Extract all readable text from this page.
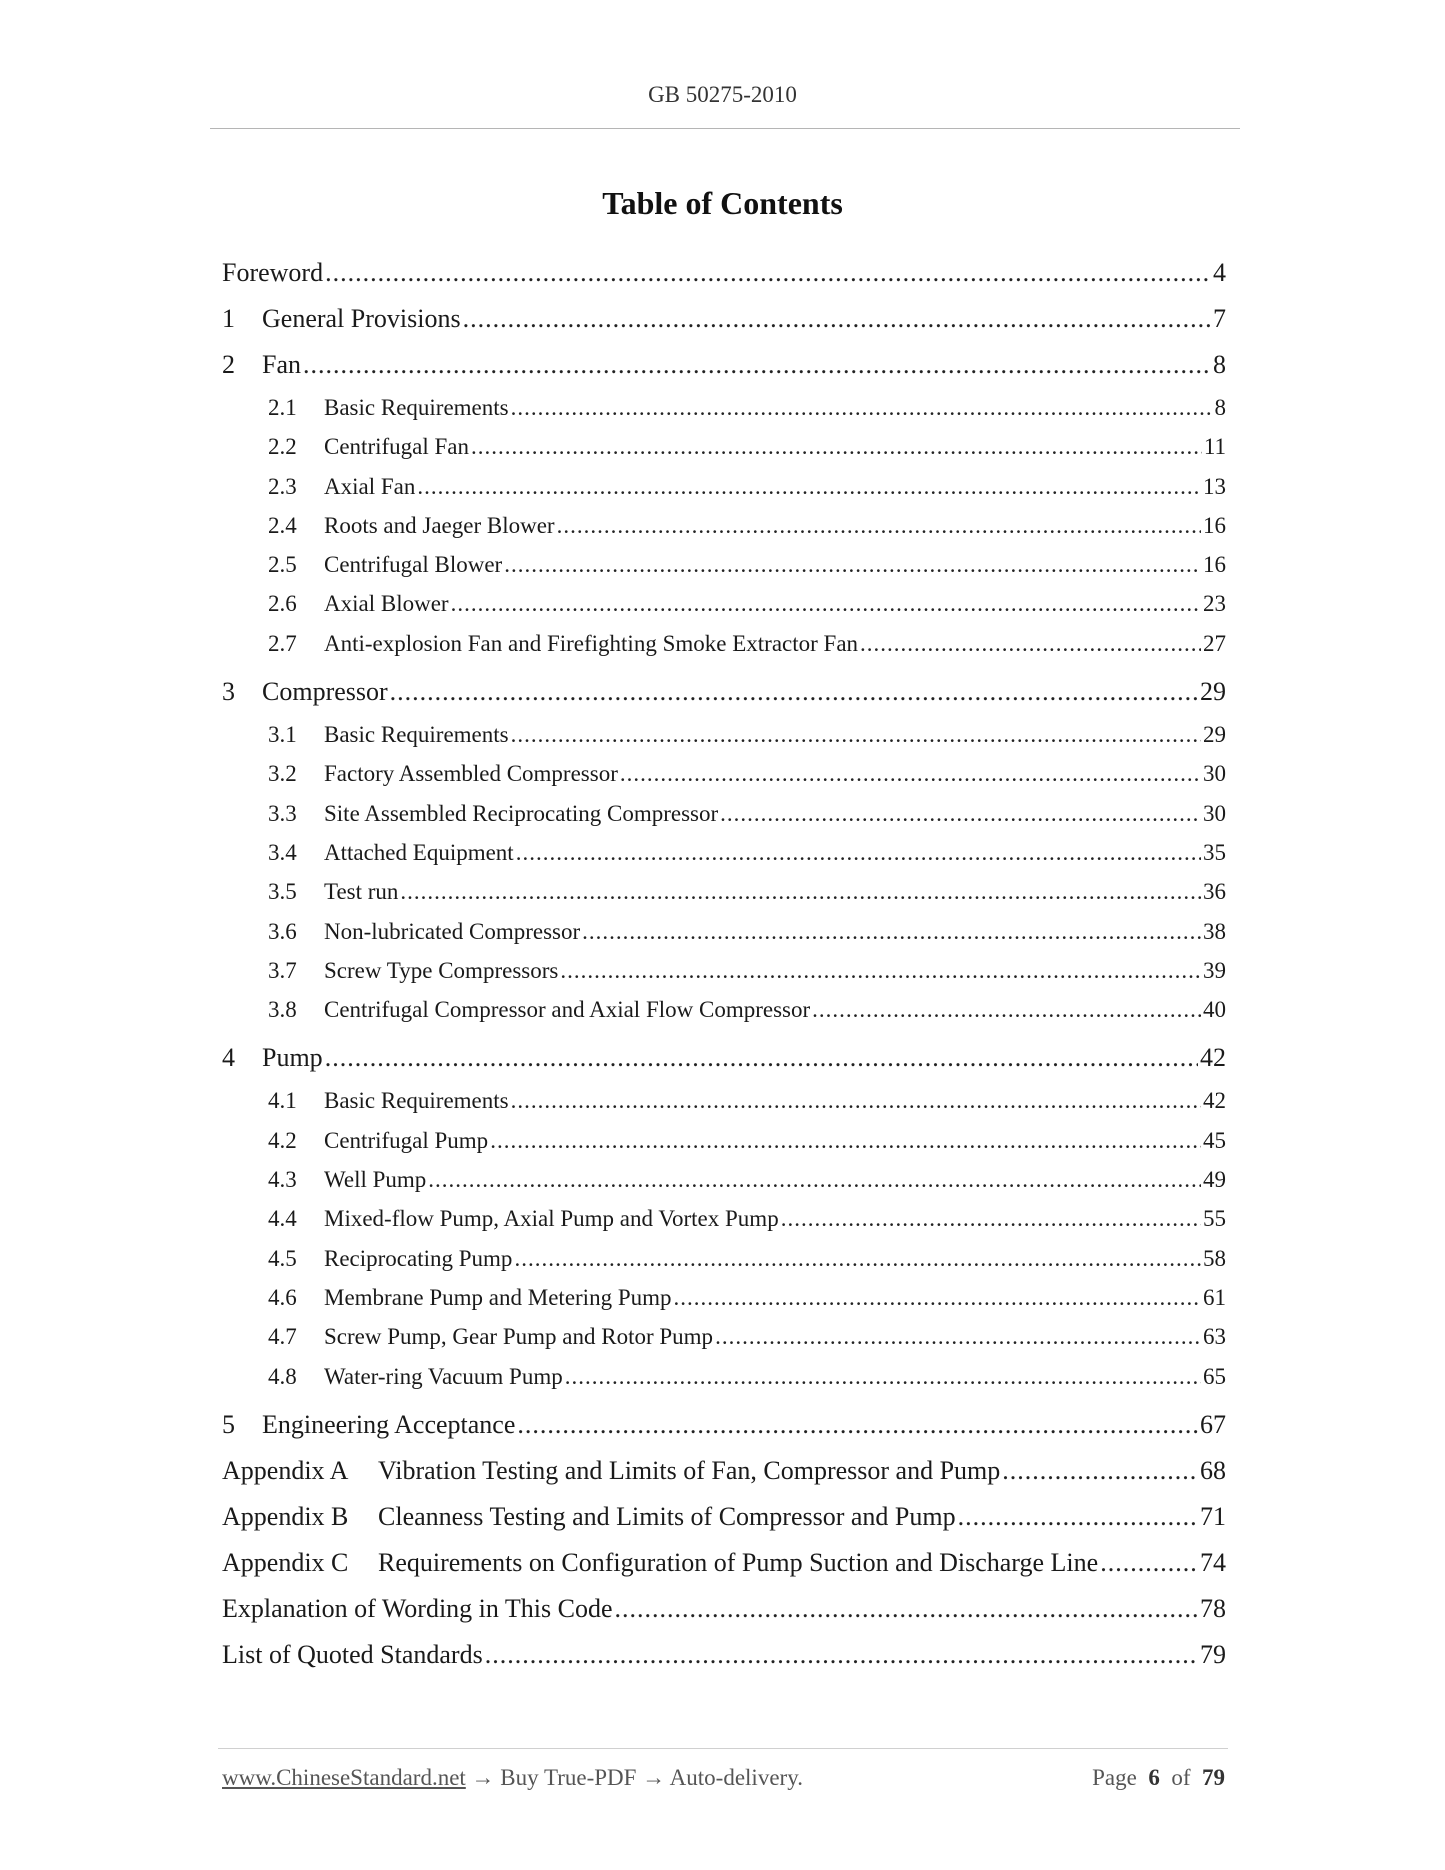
GB 50275-2010
Table of Contents
Foreword .....	4
1	General Provisions .....	7
2	Fan .....	8
2.1	Basic Requirements .....	8
2.2	Centrifugal Fan .....	11
2.3	Axial Fan .....	13
2.4	Roots and Jaeger Blower .....	16
2.5	Centrifugal Blower .....	16
2.6	Axial Blower .....	23
2.7	Anti-explosion Fan and Firefighting Smoke Extractor Fan .....	27
3	Compressor .....	29
3.1	Basic Requirements .....	29
3.2	Factory Assembled Compressor .....	30
3.3	Site Assembled Reciprocating Compressor .....	30
3.4	Attached Equipment .....	35
3.5	Test run .....	36
3.6	Non-lubricated Compressor .....	38
3.7	Screw Type Compressors .....	39
3.8	Centrifugal Compressor and Axial Flow Compressor .....	40
4	Pump .....	42
4.1	Basic Requirements .....	42
4.2	Centrifugal Pump .....	45
4.3	Well Pump .....	49
4.4	Mixed-flow Pump, Axial Pump and Vortex Pump .....	55
4.5	Reciprocating Pump .....	58
4.6	Membrane Pump and Metering Pump .....	61
4.7	Screw Pump, Gear Pump and Rotor Pump .....	63
4.8	Water-ring Vacuum Pump .....	65
5	Engineering Acceptance .....	67
Appendix A	Vibration Testing and Limits of Fan, Compressor and Pump .....	68
Appendix B	Cleanness Testing and Limits of Compressor and Pump .....	71
Appendix C	Requirements on Configuration of Pump Suction and Discharge Line .....	74
Explanation of Wording in This Code .....	78
List of Quoted Standards .....	79
www.ChineseStandard.net → Buy True-PDF → Auto-delivery.	Page 6 of 79
